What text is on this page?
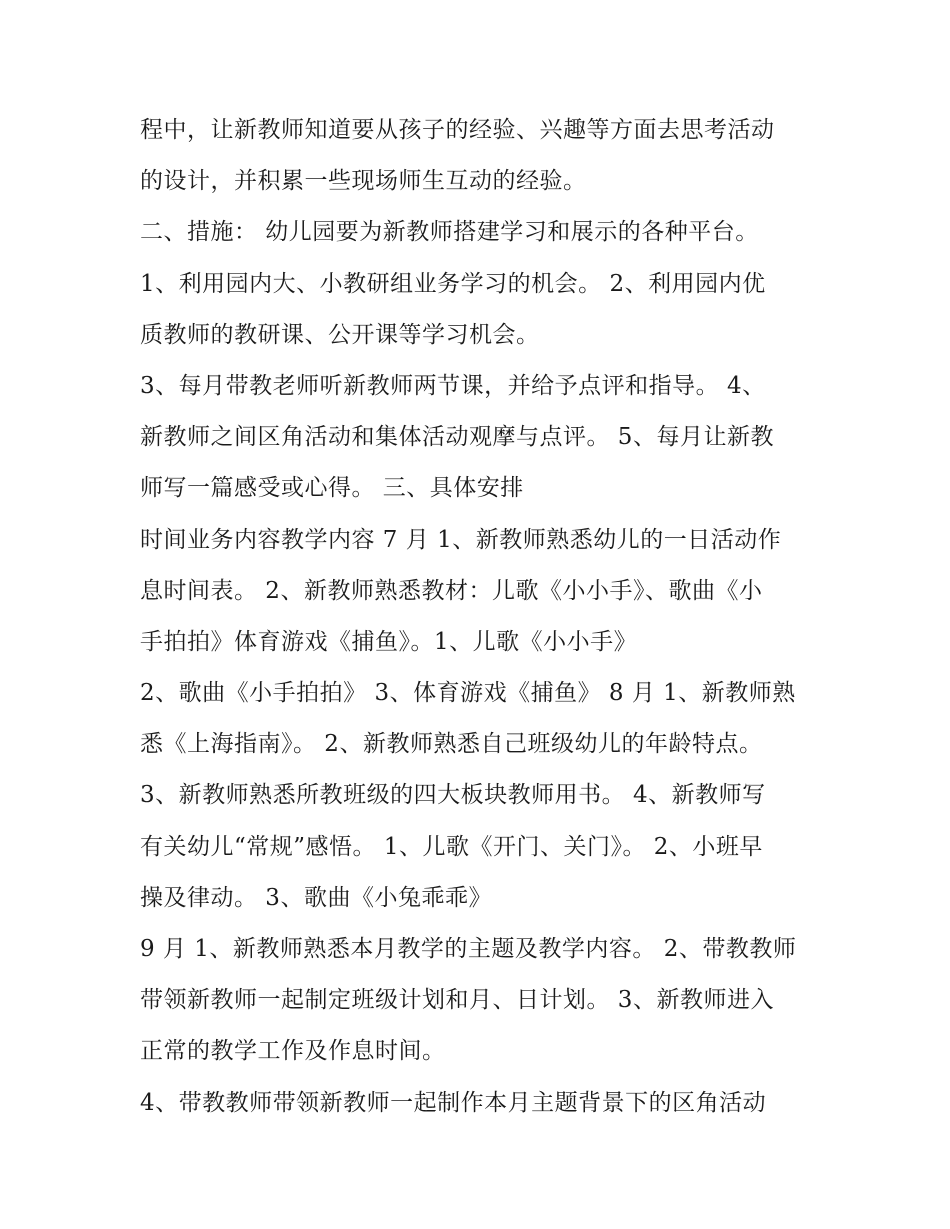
程中，让新教师知道要从孩子的经验、兴趣等方面去思考活动
的设计，并积累一些现场师生互动的经验。
二、措施： 幼儿园要为新教师搭建学习和展示的各种平台。
1、利用园内大、小教研组业务学习的机会。 2、利用园内优
质教师的教研课、公开课等学习机会。
3、每月带教老师听新教师两节课，并给予点评和指导。 4、
新教师之间区角活动和集体活动观摩与点评。 5、每月让新教
师写一篇感受或心得。 三、具体安排
时间业务内容教学内容 7 月 1、新教师熟悉幼儿的一日活动作
息时间表。 2、新教师熟悉教材：儿歌《小小手》、歌曲《小
手拍拍》体育游戏《捕鱼》。1、儿歌《小小手》
2、歌曲《小手拍拍》 3、体育游戏《捕鱼》 8 月 1、新教师熟
悉《上海指南》。 2、新教师熟悉自己班级幼儿的年龄特点。
3、新教师熟悉所教班级的四大板块教师用书。 4、新教师写
有关幼儿“常规”感悟。 1、儿歌《开门、关门》。 2、小班早
操及律动。 3、歌曲《小兔乖乖》
9 月 1、新教师熟悉本月教学的主题及教学内容。 2、带教教师
带领新教师一起制定班级计划和月、日计划。 3、新教师进入
正常的教学工作及作息时间。
4、带教教师带领新教师一起制作本月主题背景下的区角活动
